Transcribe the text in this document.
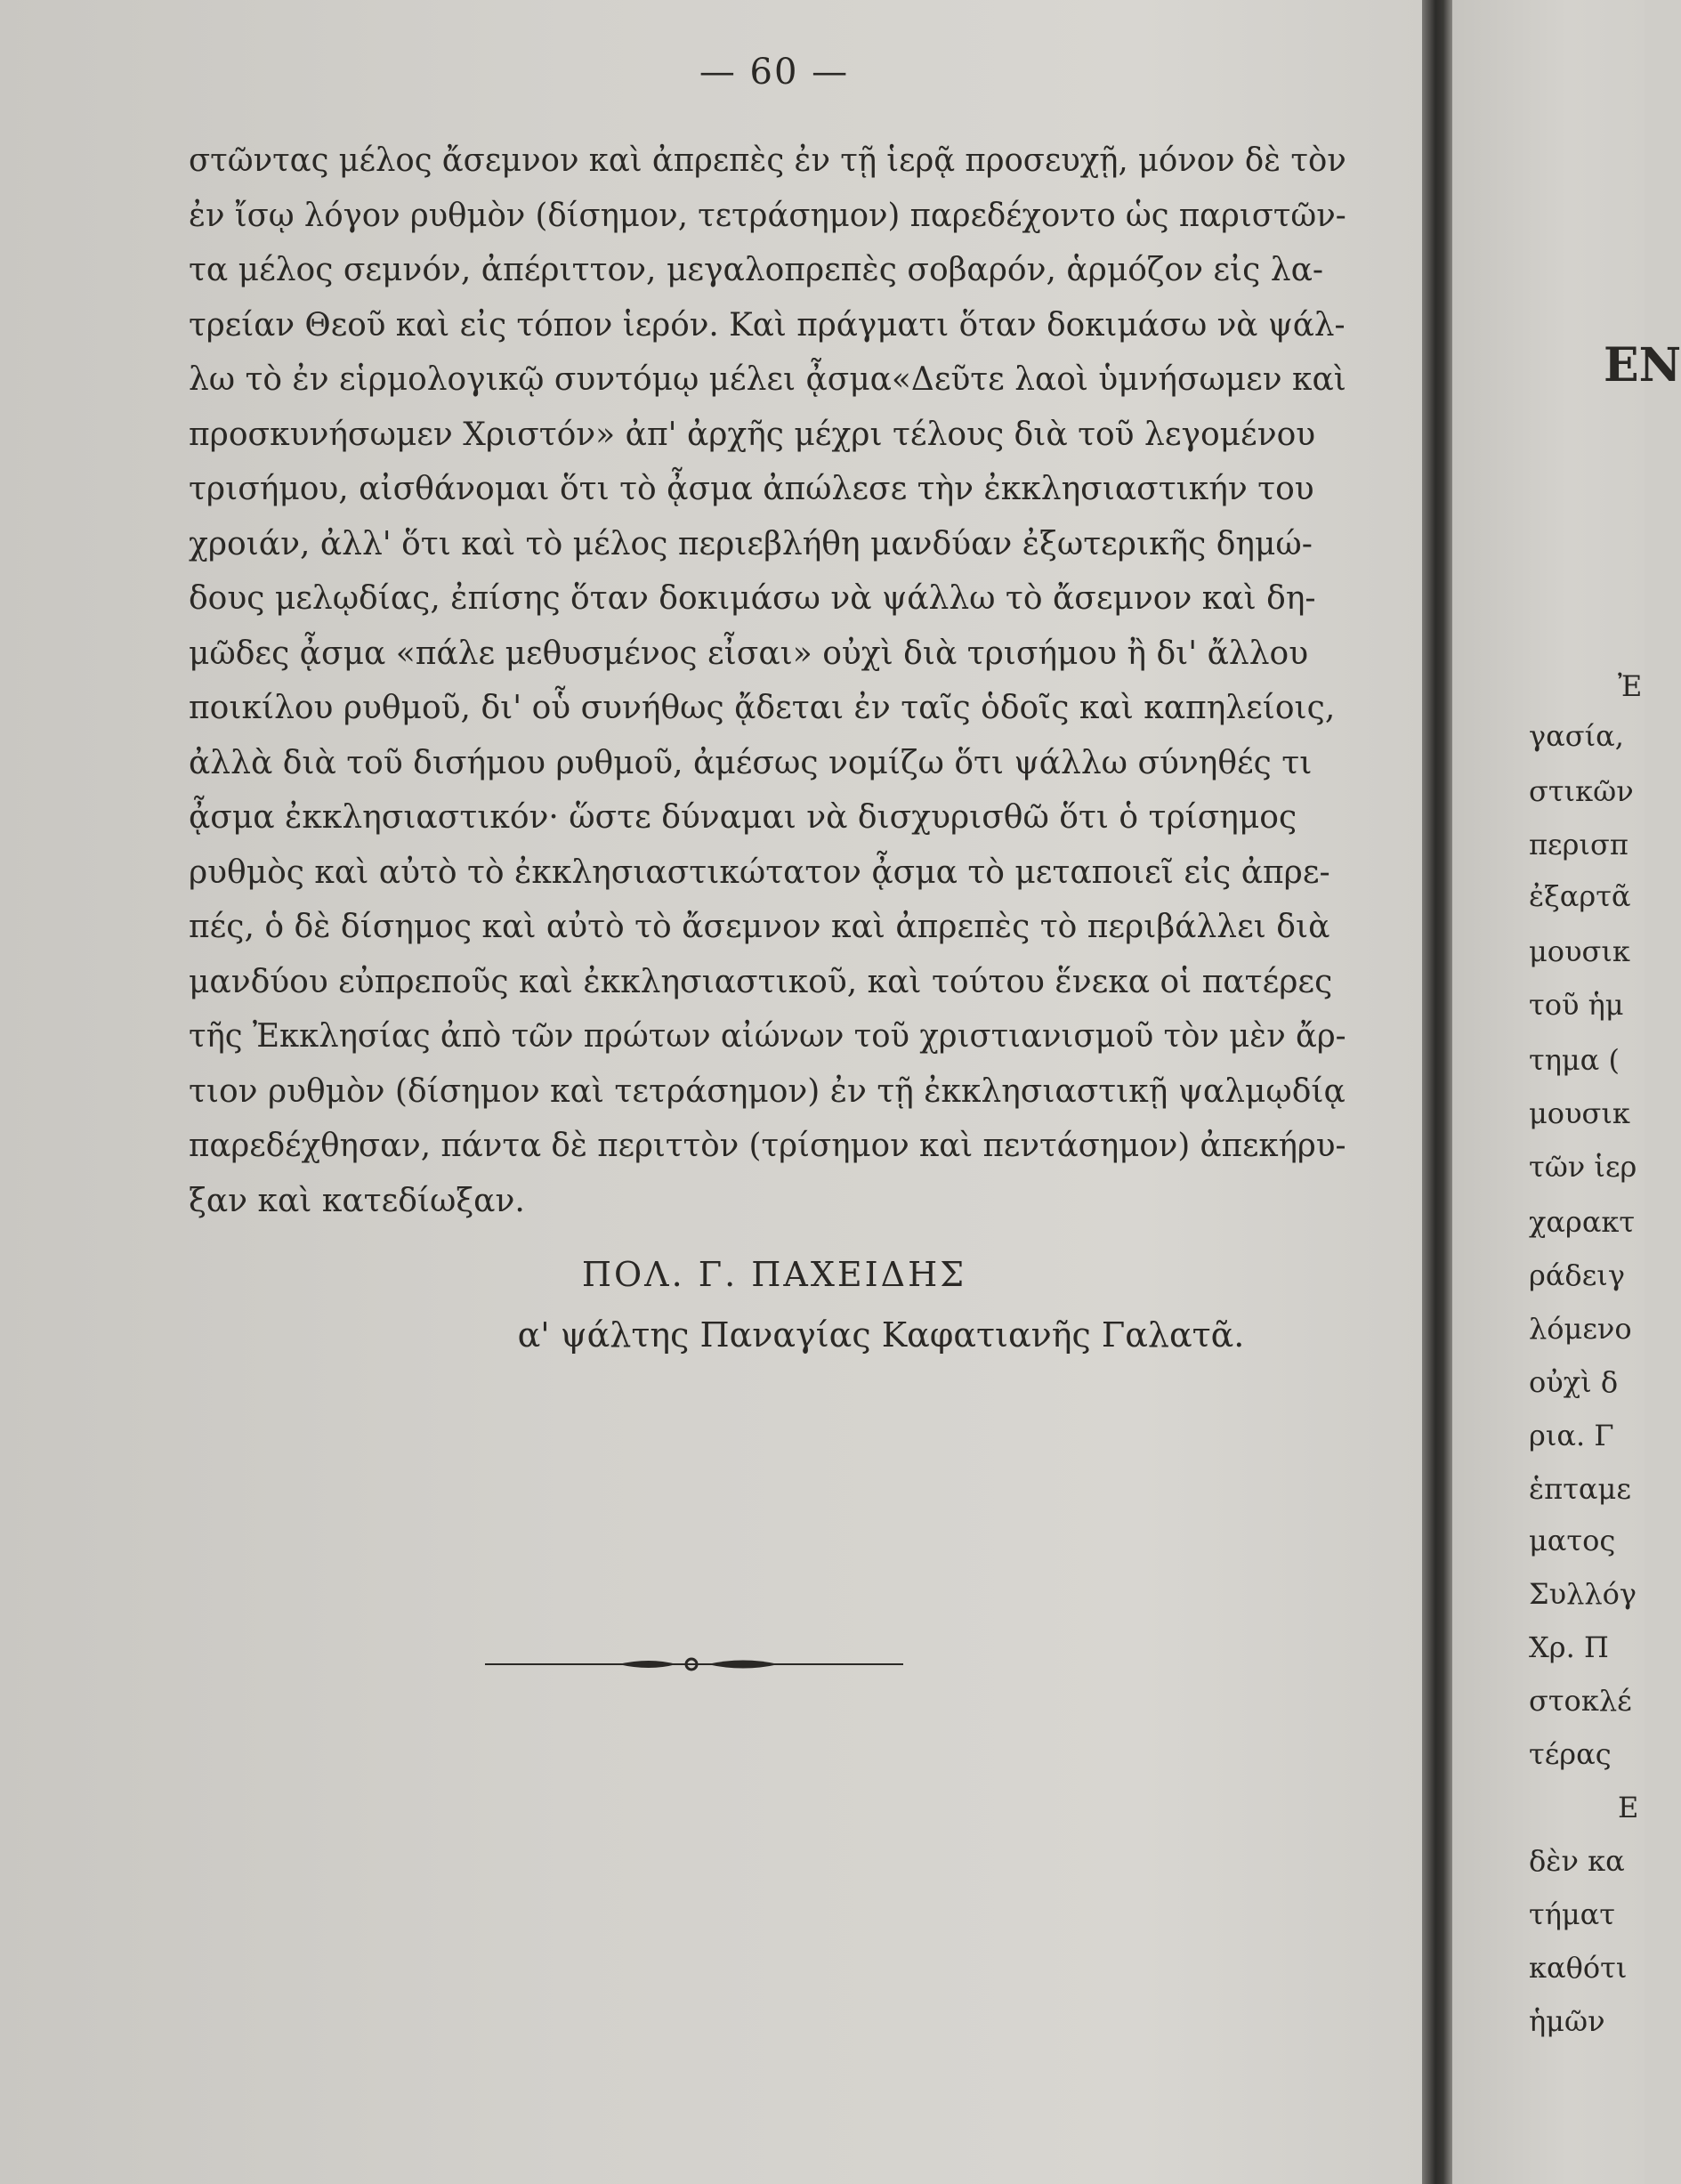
— 60 —
στῶντας μέλος ἄσεμνον καὶ ἀπρεπὲς ἐν τῇ ἱερᾷ προσευχῇ, μόνον δὲ τὸν
ἐν ἴσῳ λόγον ρυθμὸν (δίσημον, τετράσημον) παρεδέχοντο ὡς παριστῶν-
τα μέλος σεμνόν, ἀπέριττον, μεγαλοπρεπὲς σοβαρόν, ἁρμόζον εἰς λα-
τρείαν Θεοῦ καὶ εἰς τόπον ἱερόν. Καὶ πράγματι ὅταν δοκιμάσω νὰ ψάλ-
λω τὸ ἐν εἱρμολογικῷ συντόμῳ μέλει ᾆσμα«Δεῦτε λαοὶ ὑμνήσωμεν καὶ
προσκυνήσωμεν Χριστόν» ἀπ' ἀρχῆς μέχρι τέλους διὰ τοῦ λεγομένου
τρισήμου, αἰσθάνομαι ὅτι τὸ ᾆσμα ἀπώλεσε τὴν ἐκκλησιαστικήν του
χροιάν, ἀλλ' ὅτι καὶ τὸ μέλος περιεβλήθη μανδύαν ἐξωτερικῆς δημώ-
δους μελῳδίας, ἐπίσης ὅταν δοκιμάσω νὰ ψάλλω τὸ ἄσεμνον καὶ δη-
μῶδες ᾆσμα «πάλε μεθυσμένος εἶσαι» οὐχὶ διὰ τρισήμου ἢ δι' ἄλλου
ποικίλου ρυθμοῦ, δι' οὗ συνήθως ᾄδεται ἐν ταῖς ὁδοῖς καὶ καπηλείοις,
ἀλλὰ διὰ τοῦ δισήμου ρυθμοῦ, ἀμέσως νομίζω ὅτι ψάλλω σύνηθές τι
ᾆσμα ἐκκλησιαστικόν· ὥστε δύναμαι νὰ δισχυρισθῶ ὅτι ὁ τρίσημος
ρυθμὸς καὶ αὐτὸ τὸ ἐκκλησιαστικώτατον ᾆσμα τὸ μεταποιεῖ εἰς ἀπρε-
πές, ὁ δὲ δίσημος καὶ αὐτὸ τὸ ἄσεμνον καὶ ἀπρεπὲς τὸ περιβάλλει διὰ
μανδύου εὐπρεποῦς καὶ ἐκκλησιαστικοῦ, καὶ τούτου ἕνεκα οἱ πατέρες
τῆς Ἐκκλησίας ἀπὸ τῶν πρώτων αἰώνων τοῦ χριστιανισμοῦ τὸν μὲν ἄρ-
τιον ρυθμὸν (δίσημον καὶ τετράσημον) ἐν τῇ ἐκκλησιαστικῇ ψαλμῳδίᾳ
παρεδέχθησαν, πάντα δὲ περιττὸν (τρίσημον καὶ πεντάσημον) ἀπεκήρυ-
ξαν καὶ κατεδίωξαν.
ΠΟΛ. Γ. ΠΑΧΕΙΔΗΣ
α' ψάλτης Παναγίας Καφατιανῆς Γαλατᾶ.
ΕΝ
Ἐ
γασία,
στικῶν
περισπ
ἐξαρτᾶ
μουσικ
τοῦ ἡμ
τημα (
μουσικ
τῶν ἱερ
χαρακτ
ράδειγ
λόμενο
οὐχὶ δ
ρια. Γ
ἑπταμε
ματος
Συλλόγ
Χρ. Π
στοκλέ
τέρας
Ε
δὲν κα
τήματ
καθότι
ἡμῶν
